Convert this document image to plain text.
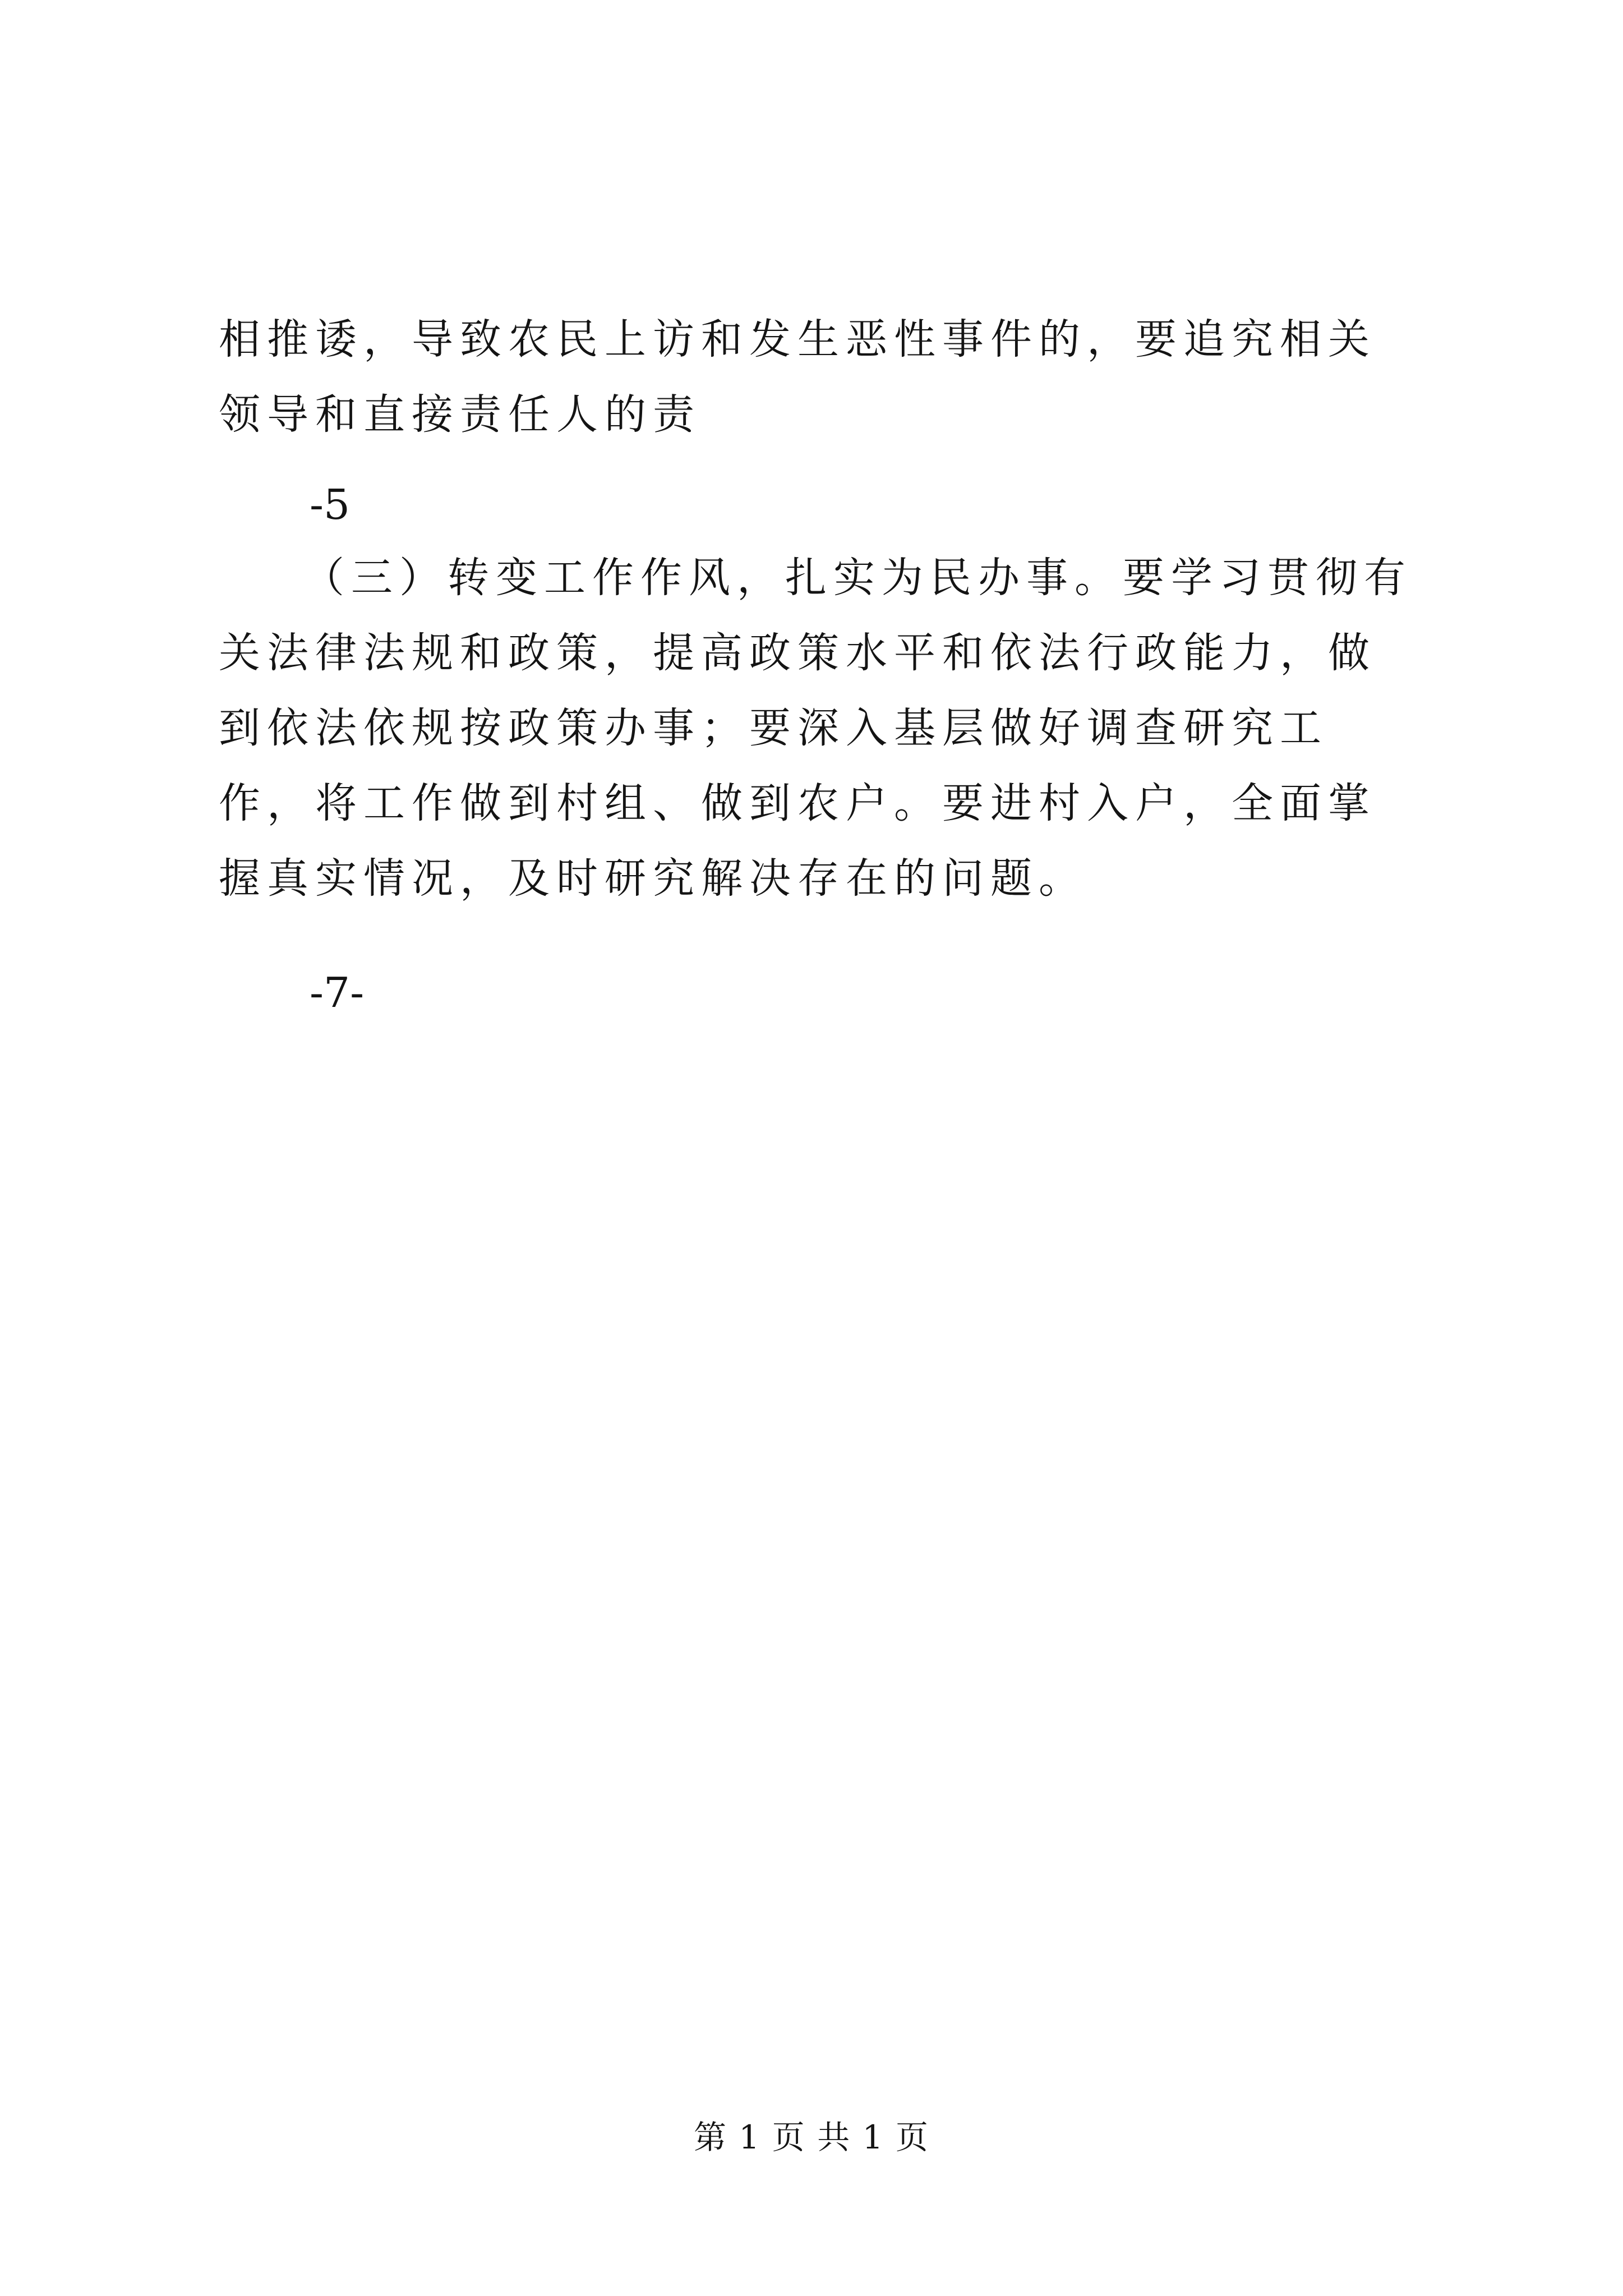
相推诿，导致农民上访和发生恶性事件的，要追究相关领导和直接责任人的责

-5

（三）转变工作作风，扎实为民办事。要学习贯彻有关法律法规和政策，提高政策水平和依法行政能力，做到依法依规按政策办事；要深入基层做好调查研究工作，将工作做到村组、做到农户。要进村入户，全面掌握真实情况，及时研究解决存在的问题。

-7-

第 1 页 共 1 页
